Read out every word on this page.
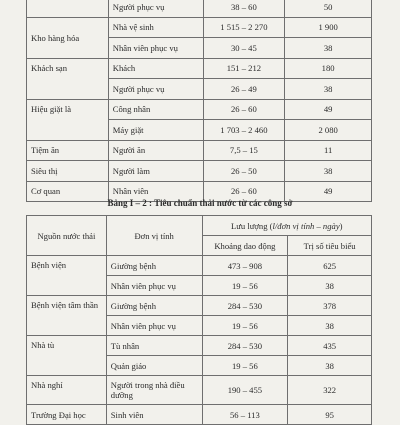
	Người phục vụ	38 – 60	50
Kho hàng hóa	Nhà vệ sinh	1 515 – 2 270	1 900
	Nhân viên phục vụ	30 – 45	38
Khách sạn	Khách	151 – 212	180
	Người phục vụ	26 – 49	38
Hiệu giặt là	Công nhân	26 – 60	49
	Máy giặt	1 703 – 2 460	2 080
Tiệm ăn	Người ăn	7,5 – 15	11
Siêu thị	Người làm	26 – 50	38
Cơ quan	Nhân viên	26 – 60	49
Bảng I – 2 : Tiêu chuẩn thải nước từ các công sở
Nguồn nước thải	Đơn vị tính	Lưu lượng (l/đơn vị tính – ngày)	
		Khoảng dao động	Trị số tiêu biểu
Bệnh viện	Giường bệnh	473 – 908	625
	Nhân viên phục vụ	19 – 56	38
Bệnh viện tâm thần	Giường bệnh	284 – 530	378
	Nhân viên phục vụ	19 – 56	38
Nhà tù	Tù nhân	284 – 530	435
	Quản giáo	19 – 56	38
Nhà nghỉ	Người trong nhà điều dưỡng	190 – 455	322
Trường Đại học	Sinh viên	56 – 113	95
